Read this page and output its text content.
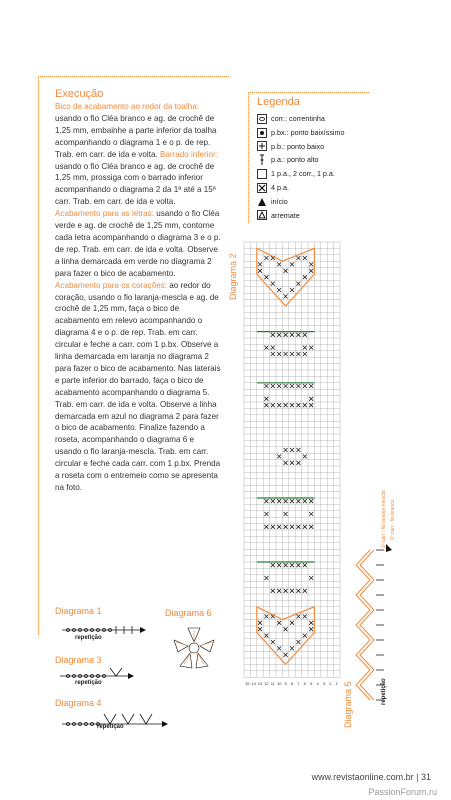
Execução
Bico de acabamento ao redor da toalha: usando o fio Cléa branco e ag. de crochê de 1,25 mm, embainhe a parte inferior da toalha acompanhando o diagrama 1 e o p. de rep. Trab. em carr. de ida e volta. Barrado inferior: usando o fio Cléa branco e ag. de crochê de 1,25 mm, prossiga com o barrado inferior acompanhando o diagrama 2 da 1ª até a 15ª carr. Trab. em carr. de ida e volta. Acabamento para as letras: usando o fio Cléa verde e ag. de crochê de 1,25 mm, contorne cada letra acompanhando o diagrama 3 e o p. de rep. Trab. em carr. de ida e volta. Observe a linha demarcada em verde no diagrama 2 para fazer o bico de acabamento. Acabamento para os corações: ao redor do coração, usando o fio laranja-mescla e ag. de crochê de 1,25 mm, faça o bico de acabamento em relevo acompanhando o diagrama 4 e o p. de rep. Trab. em carr. circular e feche a carr. com 1 p.bx. Observe a linha demarcada em laranja no diagrama 2 para fazer o bico de acabamento. Nas laterais e parte inferior do barrado, faça o bico de acabamento acompanhando o diagrama 5. Trab. em carr. de ida e volta. Observe a linha demarcada em azul no diagrama 2 para fazer o bico de acabamento. Finalize fazendo a roseta, acompanhando o diagrama 6 e usando o fio laranja-mescla. Trab. em carr. circular e feche cada carr. com 1 p.bx. Prenda a roseta com o entremeio como se apresenta na foto.
Legenda
corr.: correntinha
p.bx.: ponto baixíssimo
p.b.: ponto baixo
p.a.: ponto alto
1 p.a., 2 corr., 1 p.a.
4 p.a.
início
arremate
Diagrama 2
15 14 13 12 11 10 9 8 7 6 5 4 3 2 1 Diagrama 5
1ª carr.: fio laranja-mescla 1ª carr.: fio branco
repetição
Diagrama 1
repetição
Diagrama 6
Diagrama 3
repetição
Diagrama 4
repetição
www.revistaonline.com.br | 31
PassionForum.ru
